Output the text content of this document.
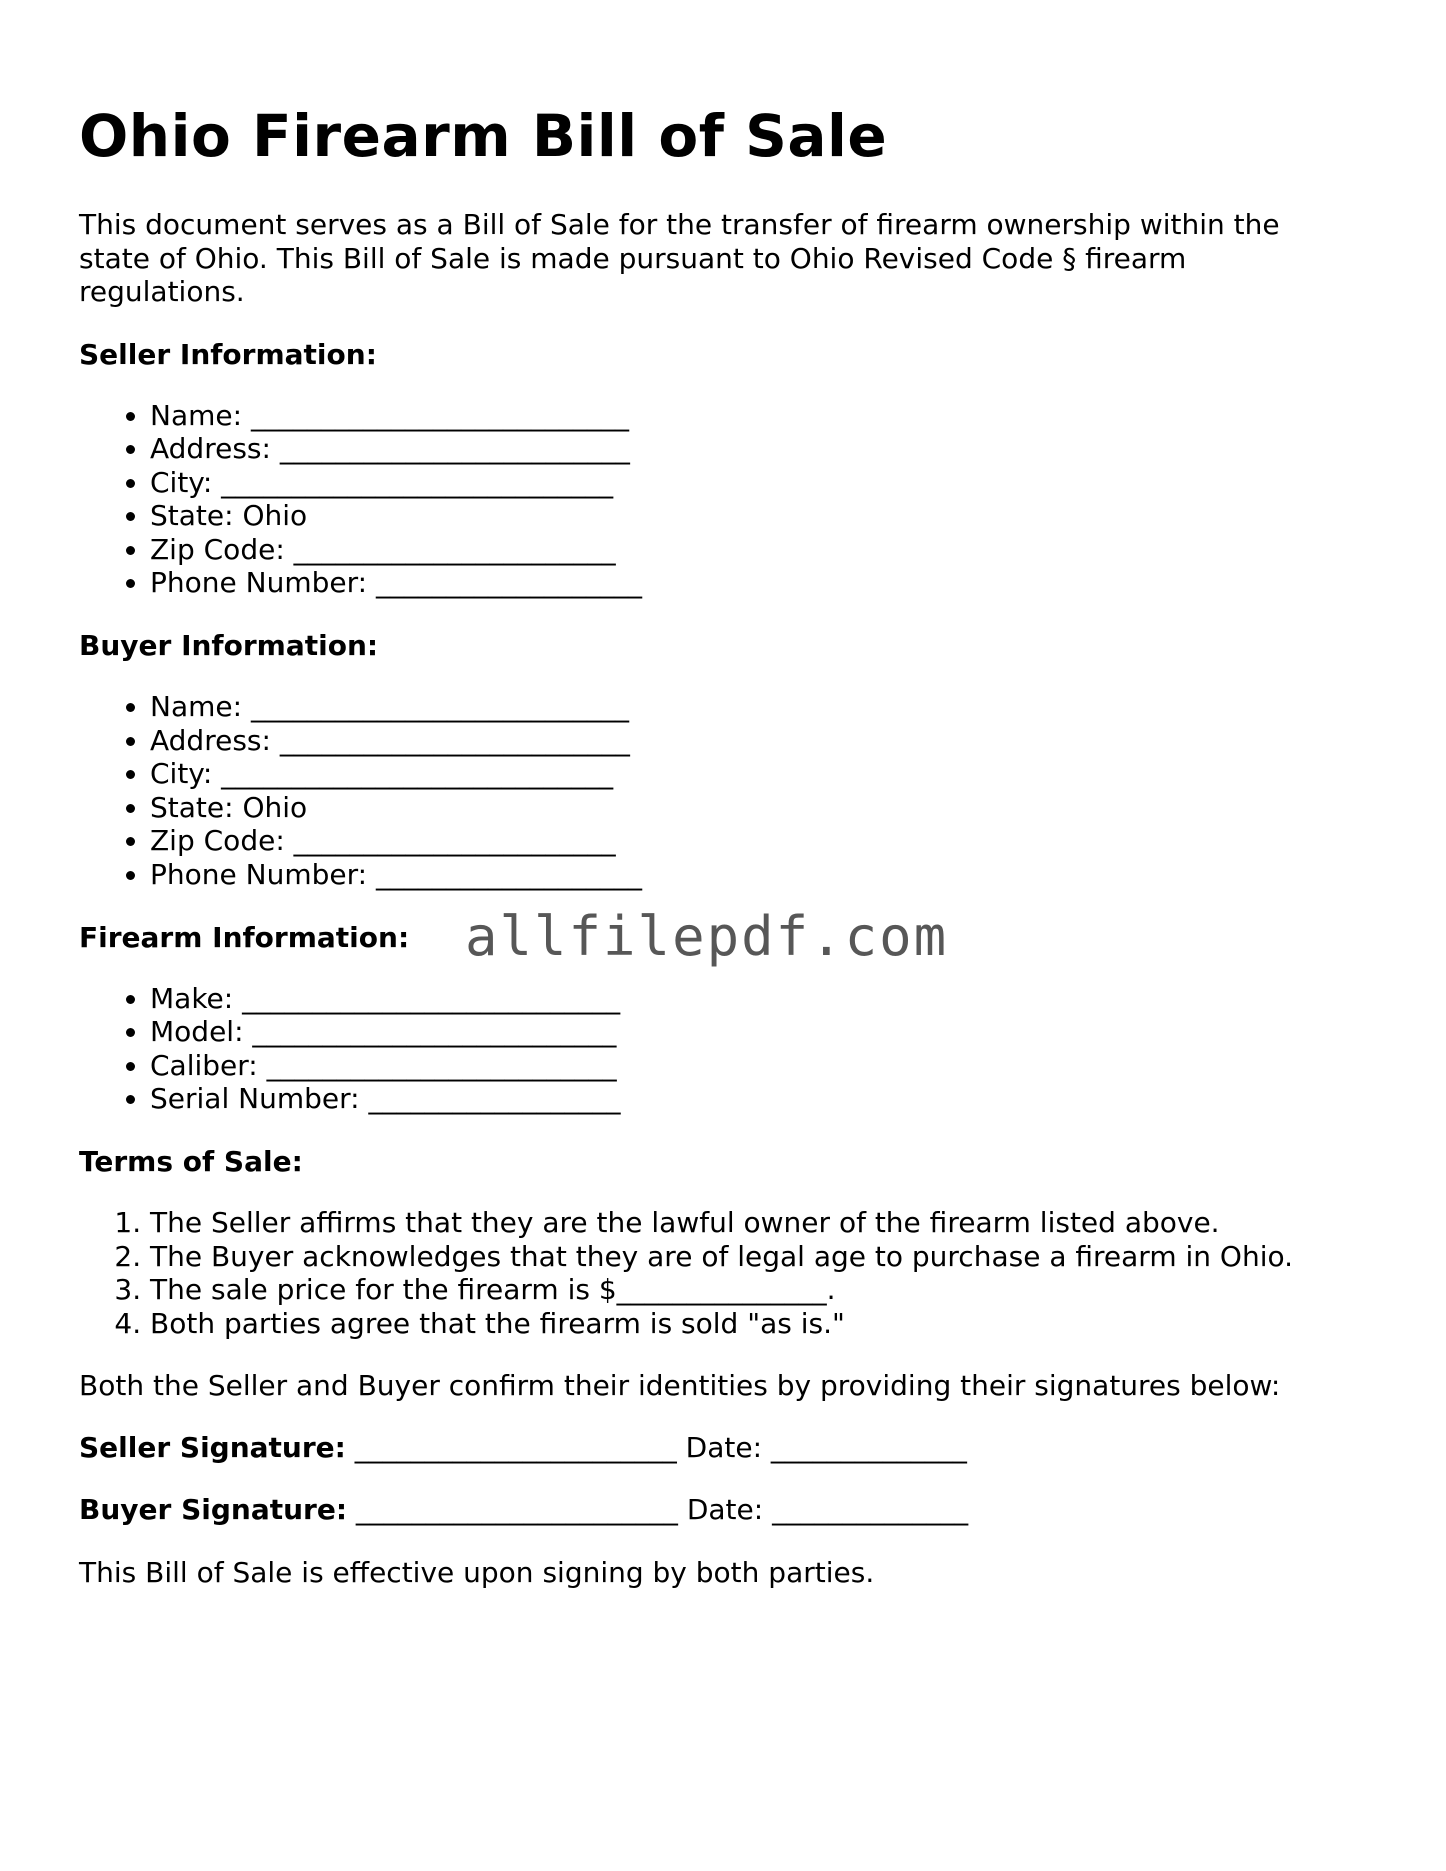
Ohio Firearm Bill of Sale

This document serves as a Bill of Sale for the transfer of firearm ownership within the state of Ohio. This Bill of Sale is made pursuant to Ohio Revised Code § firearm regulations.

Seller Information:
• Name: ___________________________
• Address: _________________________
• City: ____________________________
• State: Ohio
• Zip Code: _______________________
• Phone Number: ___________________
Buyer Information:
• Name: ___________________________
• Address: _________________________
• City: ____________________________
• State: Ohio
• Zip Code: _______________________
• Phone Number: ___________________
Firearm Information:
• Make: ___________________________
• Model: __________________________
• Caliber: _________________________
• Serial Number: __________________
Terms of Sale:
1. The Seller affirms that they are the lawful owner of the firearm listed above.
2. The Buyer acknowledges that they are of legal age to purchase a firearm in Ohio.
3. The sale price for the firearm is $_______________.
4. Both parties agree that the firearm is sold "as is."

Both the Seller and Buyer confirm their identities by providing their signatures below:

Seller Signature: _______________________ Date: ______________

Buyer Signature: _______________________ Date: ______________

This Bill of Sale is effective upon signing by both parties.

allfilepdf.com
